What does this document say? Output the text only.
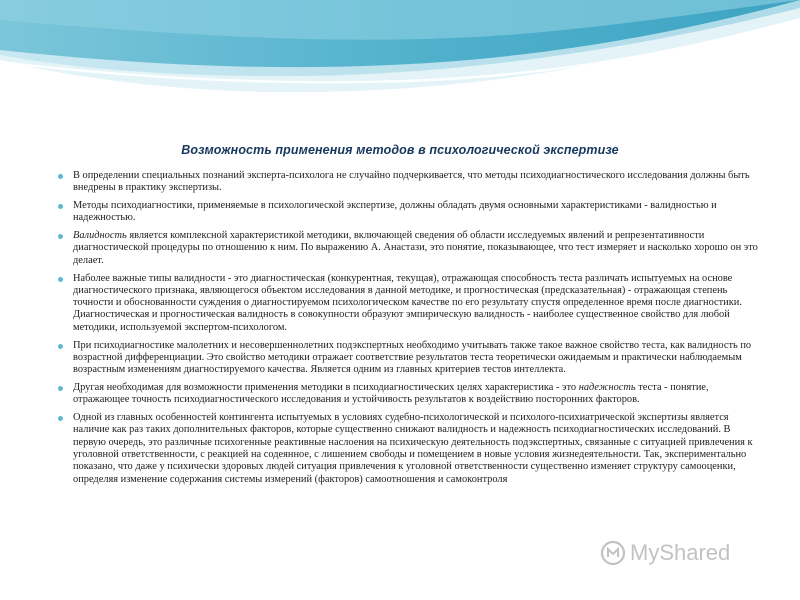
Возможность применения методов в психологической экспертизе
В определении специальных познаний эксперта-психолога не случайно подчеркивается, что методы психодиагностического исследования должны быть внедрены в практику экспертизы.
Методы психодиагностики, применяемые в психологической экспертизе, должны обладать двумя основными характеристиками - валидностью и надежностью.
Валидность является комплексной характеристикой методики, включающей сведения об области исследуемых явлений и репрезентативности диагностической процедуры по отношению к ним. По выражению А. Анастази, это понятие, показывающее, что тест измеряет и насколько хорошо он это делает.
Наболее важные типы валидности - это диагностическая (конкурентная, текущая), отражающая способность теста различать испытуемых на основе диагностического признака, являющегося объектом исследования в данной методике, и прогностическая (предсказательная) - отражающая степень точности и обоснованности суждения о диагностируемом психологическом качестве по его результату спустя определенное время после диагностики. Диагностическая и прогностическая валидность в совокупности образуют эмпирическую валидность - наиболее существенное свойство для любой методики, используемой экспертом-психологом.
При психодиагностике малолетних и несовершеннолетних подэкспертных необходимо учитывать также такое важное свойство теста, как валидность по возрастной дифференциации. Это свойство методики отражает соответствие результатов теста теоретически ожидаемым и практически наблюдаемым возрастным изменениям диагностируемого качества. Является одним из главных критериев тестов интеллекта.
Другая необходимая для возможности применения методики в психодиагностических целях характеристика - это надежность теста - понятие, отражающее точность психодиагностического исследования и устойчивость результатов к воздействию посторонних факторов.
Одной из главных особенностей контингента испытуемых в условиях судебно-психологической и психолого-психиатрической экспертизы является наличие как раз таких дополнительных факторов, которые существенно снижают валидность и надежность психодиагностических исследований. В первую очередь, это различные психогенные реактивные наслоения на психическую деятельность подэкспертных, связанные с ситуацией привлечения к уголовной ответственности, с реакцией на содеянное, с лишением свободы и помещением в новые условия жизнедеятельности. Так, экспериментально показано, что даже у психически здоровых людей ситуация привлечения к уголовной ответственности существенно изменяет структуру самооценки, определяя изменение содержания системы измерений (факторов) самоотношения и самоконтроля
MyShared
